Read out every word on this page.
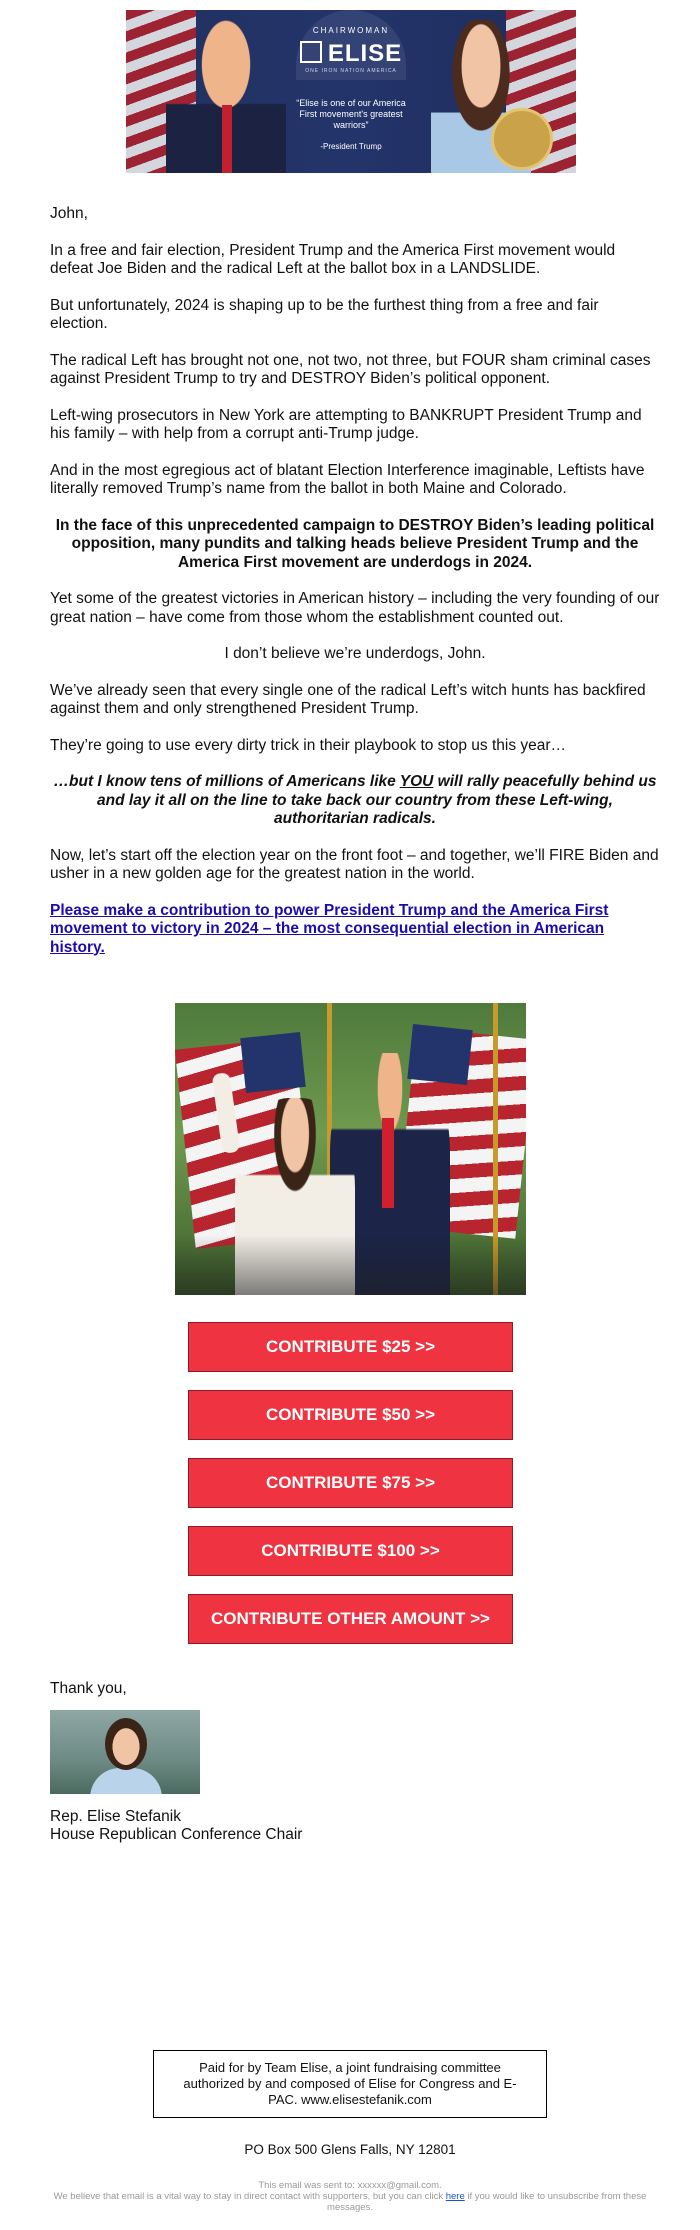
CHAIRWOMAN
ELISE
ONE IRON NATION AMERICA
“Elise is one of our America First movement's greatest warriors”
-President Trump

John,

In a free and fair election, President Trump and the America First movement would defeat Joe Biden and the radical Left at the ballot box in a LANDSLIDE.

But unfortunately, 2024 is shaping up to be the furthest thing from a free and fair election.

The radical Left has brought not one, not two, not three, but FOUR sham criminal cases against President Trump to try and DESTROY Biden’s political opponent.

Left-wing prosecutors in New York are attempting to BANKRUPT President Trump and his family – with help from a corrupt anti-Trump judge.

And in the most egregious act of blatant Election Interference imaginable, Leftists have literally removed Trump’s name from the ballot in both Maine and Colorado.

In the face of this unprecedented campaign to DESTROY Biden’s leading political opposition, many pundits and talking heads believe President Trump and the America First movement are underdogs in 2024.

Yet some of the greatest victories in American history – including the very founding of our great nation – have come from those whom the establishment counted out.

I don’t believe we’re underdogs, John.

We’ve already seen that every single one of the radical Left’s witch hunts has backfired against them and only strengthened President Trump.

They’re going to use every dirty trick in their playbook to stop us this year…

…but I know tens of millions of Americans like YOU will rally peacefully behind us and lay it all on the line to take back our country from these Left-wing, authoritarian radicals.

Now, let’s start off the election year on the front foot – and together, we’ll FIRE Biden and usher in a new golden age for the greatest nation in the world.

Please make a contribution to power President Trump and the America First movement to victory in 2024 – the most consequential election in American history.

CONTRIBUTE $25 >>
CONTRIBUTE $50 >>
CONTRIBUTE $75 >>
CONTRIBUTE $100 >>
CONTRIBUTE OTHER AMOUNT >>
Thank you,
Rep. Elise Stefanik
House Republican Conference Chair
Paid for by Team Elise, a joint fundraising committee authorized by and composed of Elise for Congress and E-PAC. www.elisestefanik.com
PO Box 500 Glens Falls, NY 12801
This email was sent to: xxxxxx@gmail.com.
We believe that email is a vital way to stay in direct contact with supporters, but you can click here if you would like to unsubscribe from these messages.
